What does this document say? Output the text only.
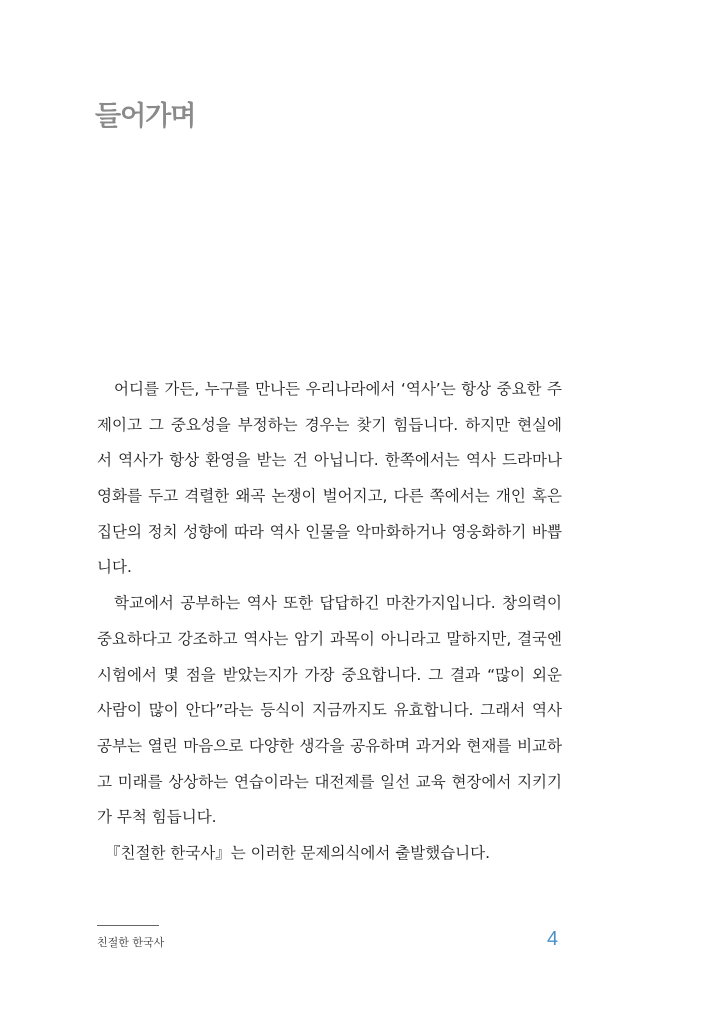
들어가며
어디를 가든, 누구를 만나든 우리나라에서 ‘역사’는 항상 중요한 주
제이고 그 중요성을 부정하는 경우는 찾기 힘듭니다. 하지만 현실에
서 역사가 항상 환영을 받는 건 아닙니다. 한쪽에서는 역사 드라마나
영화를 두고 격렬한 왜곡 논쟁이 벌어지고, 다른 쪽에서는 개인 혹은
집단의 정치 성향에 따라 역사 인물을 악마화하거나 영웅화하기 바쁩
니다.
학교에서 공부하는 역사 또한 답답하긴 마찬가지입니다. 창의력이
중요하다고 강조하고 역사는 암기 과목이 아니라고 말하지만, 결국엔
시험에서 몇 점을 받았는지가 가장 중요합니다. 그 결과 “많이 외운
사람이 많이 안다”라는 등식이 지금까지도 유효합니다. 그래서 역사
공부는 열린 마음으로 다양한 생각을 공유하며 과거와 현재를 비교하
고 미래를 상상하는 연습이라는 대전제를 일선 교육 현장에서 지키기
가 무척 힘듭니다.
『친절한 한국사』는 이러한 문제의식에서 출발했습니다.
친절한 한국사	4
